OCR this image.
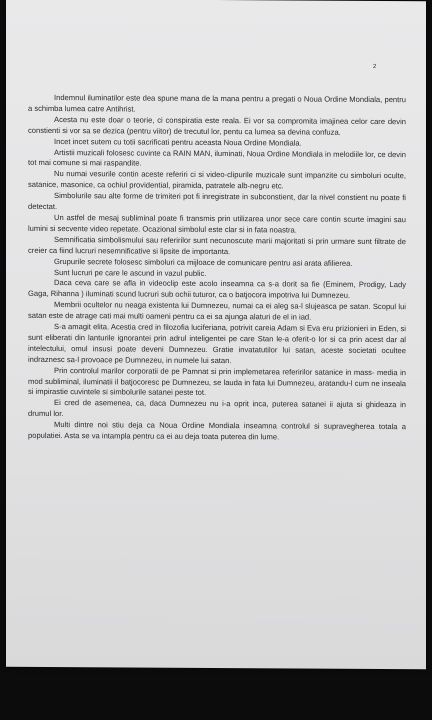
2

Indemnul iluminatilor este dea spune mana de la mana pentru a pregati o Noua Ordine Mondiala, pentru a schimba lumea catre Antihrist.

Acesta nu este doar o teorie, ci conspiratia este reala. Ei vor sa compromita imajinea celor care devin constienti si vor sa se dezica (pentru viitor) de trecutul lor, pentu ca lumea sa devina confuza.

Incet incet sutem cu totii sacrificati pentru aceasta Noua Ordine Mondiala.

Artistii muzicali folosesc cuvinte ca RAIN MAN, iluminati, Noua Ordine Mondiala in melodiile lor, ce devin tot mai comune si mai raspandite.

Nu numai vesurile contin aceste referiri ci si video-clipurile muzicale sunt impanzite cu simboluri oculte, satanice, masonice, ca ochiul providential, piramida, patratele alb-negru etc.

Simbolurile sau alte forme de trimiteri pot fi inregistrate in subconstient, dar la nivel constient nu poate fi detectat.

Un astfel de mesaj subliminal poate fi transmis prin utilizarea unor sece care contin scurte imagini sau lumini si secvente video repetate. Ocazional simbolul este clar si in fata noastra.

Semnificatia simbolismului sau referirilor sunt necunoscute marii majoritati si prin urmare sunt filtrate de creier ca fiind lucruri nesemnificative si lipsite de importanta.

Grupurile secrete folosesc simboluri ca mijloace de comunicare pentru asi arata afilierea.

Sunt lucruri pe care le ascund in vazul public.

Daca ceva care se afla in videoclip este acolo inseamna ca s-a dorit sa fie (Eminem, Prodigy, Lady Gaga, Rihanna ) iluminati scund lucruri sub ochii tuturor, ca o batjocora impotriva lui Dumnezeu.

Membrii ocultelor nu neaga existenta lui Dumnezeu, numai ca ei aleg sa-l slujeasca pe satan. Scopul lui satan este de atrage cati mai multi oameni pentru ca ei sa ajunga alaturi de el in iad.

S-a amagit elita. Acestia cred in filozofia luciferiana, potrivit careia Adam si Eva eru prizionieri in Eden, si sunt eliberati din lanturile ignorantei prin adrul inteligentei pe care Stan le-a oferit-o lor si ca prin acest dar al intelectului, omul insusi poate deveni Dumnezeu. Gratie invatatutilor lui satan, aceste societati ocultee indraznesc sa-l provoace pe Dumnezeu, in numele lui satan.

Prin controlul marilor corporatii de pe Pamnat si prin implemetarea referirilor satanice in mass- media in mod subliminal, iluminatii il batjocoresc pe Dumnezeu, se lauda in fata lui Dumnezeu, aratandu-l cum ne inseala si impirastie cuvintele si simbolurile satanei peste tot.

Ei cred de asemenea, ca, daca Dumnezeu nu i-a oprit inca, puterea satanei ii ajuta si ghideaza in drumul lor.

Multi dintre noi stiu deja ca Noua Ordine Mondiala inseamna controlul si supravegherea totala a populatiei. Asta se va intampla pentru ca ei au deja toata puterea din lume.
